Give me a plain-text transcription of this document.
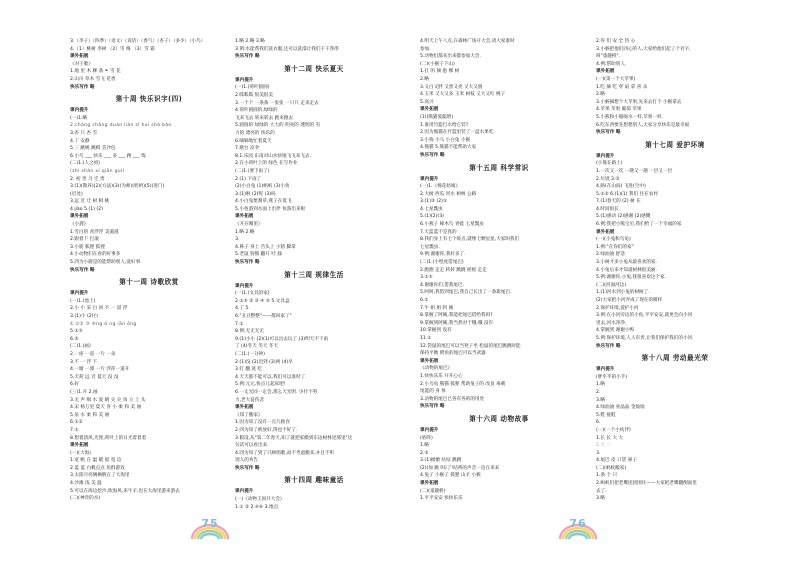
3.（李子）（四季）（语文）（说话）（香气）（杏子）（多少）（小鸟）
4.（1）桃树 李树 （2）雪 梅 （3）雪 霜
课外拓展
《对子歌》
1.地 里 木 柳 条 ⚭ 雪 花
2.山川 草木 雪飞 花香
快乐写作 略
第十周 快乐识字(四)
课内提升
(一)1.略
2.cháng chǎng duàn liàn zǐ huì shà bǎo
3.杏 只 杏 雪
4.丁 安静
5.三 跳绳 跳棋 丢沙包
6.小鸟 ___ 快乐 ___ 多 ___ 跑 ___ 练
(二)1.(人之初)
(zhì shàn xí qiān guì)
2. 初 善 习 迁 贵
3.(1)(教养)(2)(方法)(3)(为师)(奶奶)(5)(进门)
(近处)
3.远 近 迁 树 相 桃
4.jiào 5.(1) (2)
课外拓展
《小鹿》
1.雪白的 青浮浮 美滋滋
2.跟着下 打滚
3.小鹿 狐狸 狐狸
4.小动物们在看的好事多
5.四为小鹿是的能帮助别人,爱好事.
快乐写作 略
第十一周 诗歌欣赏
课内提升
(一)1.(池上)
2.小 小 采 白 回 不 一 道 浮
3.(1)小 (2)白
4.①② ③ ④ng ó ng iān ōng
5.①③
6.②
(二)1.(画)
2.一座 一道 一片 一朵
3.不 一 浮 下
4.一塘 一潭 一片 浮萍一道开
5.天荷 远 近 夏天 没 没
6.好
(三)1.开 2.画
3.无 声 细 水 爱 晴 尖 尖 角 立 上 头
4.宋 杨万里 夏天 喜 小 柔 和 美 丽
5.泉 水 柔 和 美 丽
6.①②
7.①
8.想着清风,光照,荷叶上的日光着着着
课外拓展
(一)(大海)
1.宽 帆 在 温 暖 船 宽 边
2.蓝 蓝 白帆点点 鱼群游戏
3.太阳月亮俩俩帆在了大海里
4.沙滩 浅 美 温
5.可以在海边挖沙,吹海风,来牛羊,也在大海里游来游去
(二)(神奇的水)
1.略 2.略 3.略
3.例:水能帮我们洗衣服,还可以洗澡让我们干干净净
快乐写作 略
第十二周 快乐夏天
课内提升
(一)1.(荷叶圆圆)
2.呱呱呱 很美很美
3.一个个 一条条 一张张 一只只 走来走去
4.荷叶圆圆的,绿绿的
飞来飞去 转来转去 跑来跑去
5.圆圆的 绿绿的 大大的 明亮的 透明的 有
力的 漂亮的 快乐的
6.嘀嘀地忙着夏天
7.歌台 凉伞
8.1.乐园 东南对山水快地飞飞来飞去.
2.在小荷叶上的 绿色 在写作业
(二)1.(要下雨了)
2.(1) 下雨了
(2)小白兔 (1)蚂蚁 (3)小鱼
3.(1)啦 (2)呢 (3)吗
4.小白兔要割草,燕子在低飞.
5.小鱼游到水面上出伴 鱼游出来啦
课外拓展
《开在哪里》
1.略 2.略
3.
4.鼻子 身上 舌头上 小猪 脚掌
5.老鼠 狗熊 翻开 吐 舔
快乐写作 略
第十三周 规律生活
课内提升
(一)1.(文具的家)
2.①⑤ ② ③ ④ ⑤ 5.文具盒
4.丁 5.
6."丑丑整整"——都回家了"
7.①
8.例:无无无无
9.(1)小小 (2)(1)可以出去玩了 (3)明天不下雨
了 (4)冬天 冬天 冬天
(二)1.(一分钟)
2.(1)没 (2)迟到 (3)两 (4)早
3.打 翻 洗 吃
4.天天都不能可以,我们可以准时了.
5.例:元元,快点儿起床吧!
6.一丈光同一定会,那么天光明. 少壮不努
力,老大徒伤悲
课外拓展
《知了搬家》
1.因为知了没有一点儿粮食
2.四为知了被放好,得也不好了.
3.假设,从"第二年春天,知了就把家搬到东边树林里那里"这
句话可以看出来.
4.四为知了到了只顾唱歌,而不考虑搬来,并且不听
别人的劝告.
快乐写作 略
第十四周 趣味童话
课内提升
(一)《动物王国开大会》
1.① ② 2.④⑥ 3.地点
4.明天上午八点,在森林广场开大会,请大家准时
参加.
5.动物们都来出来都参加大会.
(二)(小猴子下山)
1.扛 的 摘 抱 棵 树
2.略
3.又白又胖 又黑又亮 又大又圆
4.玉米 又大又多 玉米 树枝 又大又红 桃子
5.高兴
课外拓展
(1)(熊猫爱聪明)
1.谁用竹篮打水给它装?
2.因为熊猫在竹篮里装了一盘水果吃.
3.小狗 小马 小白兔 小猴
4.熊猫 5.熊猫不能帮助大家
快乐写作 略
第十五周 科学常识
课内提升
(一)1.《棉花姑娘》
2.大树 西瓜 河水 树林 公路
3.(1)③ (2)①
4.七星瓢虫
5.(1)(2)(3)
6.小燕子 啄木鸟 青蛙 七星瓢虫
7.天蓝蓝不是真的
8.我们身上有七个斑点,就像七颗星星,大家叫我们
七星瓢虫.
9.例:谢谢你,我好多了.
(二)1.(小壁虎借尾巴)
2.跑跑 走走 转转 跳跳 摇摇 走走
3.①⑤
4.谢谢你们,借我尾巴.
5.呵呵,我借到尾巴,我自己长出了一条新尾巴.
6.①
7.牛 姐 姐 阿 姨
8.掌握了阿姨,我能把尾巴借给我吗?
9.掌握到阿姨,我当然对于哦,哦 没有
10.掌握到 没有
11.①
12.袋鼠的尾巴可以当凳子坐 松鼠的尾巴跳跳时能
保持平衡 鳄鱼的尾巴可以当武器
课外拓展
《动物的尾巴》
1.快快乐乐 开开心心
2.小乌龟 熊猫 狐狸 帮助兔子的 改良 毒刺
尾能的 身 体
3.动物的尾巴已各有各的的用处
快乐写作 略
第十六周 动物故事
课内提升
(咕咚)
1.略
2.②
3.(1)掀掀 咕咕 跳跳
(2)(加 跳 叫)了!咕咚的声音一直在来来
4.兔子 小猴子 狐狸 山羊 小猴
课外拓展
(二)(童趣桥)
1.平平安安 快快乐乐
2.你 们 安 全 热 心
3.小猴把他们四心的人,大家给他们起了个名字,
叫"童趣桥".
4.例:帮助别人.
课外拓展
(一)(第一个大苹果)
1.吃 摘 吃 穿 扇 拿 喜 杀
2.略
3.小猴摘想个大苹果,先来去打个 小猴拿去
4.苹果 苹果 葡萄 苹果
5.小熊和小熊喝水一样,苹果一样.
6.吃东西要先想想别人,大家分享快乐是最幸福
快乐写作 略
第十七周 爱护环境
课内提升
(小熊在路上)
1.一次又一次 一趟又一趟 一层又一层
2.垃圾 3.③
4.路(在山间) 飞进(空中)
5.①② 6.(1)(1) 我们 住在农村
7.(1)春天的 (2) 树 在
4.时间很长
5.(1)感动 (2)感谢 (2)感慨
6.例:我把小熊宝贝,我们给了一个幸福的家
课外拓展
(一)(小兔和乌龟)
1.例:"在你们的家"
2.绿油油 舒适
3.小树才多小兔从最喜欢的家.
4.小兔后来才知道树林很美丽.
5.例:谢谢你,小兔,我很喜欢这个家.
(二)(河面河边)
1.(1)河水到小兔的树树了.
(2)大家把小河弄成了现在的模样
2.保护环境,爱护小河
3.例:在小河旁边的小鱼,平平安安,就更会向小河
里去,河水净净.
4.掌握到 谢谢小鸭
5.例:保护环境,人人有责,让我们保护我们的小河.
快乐写作 略
第十八周 劳动最光荣
课内提升
(胖乎乎的小手)
1.略
2.
3.略
4.绿油油 亮晶晶 金灿灿
5.鞋 拖鞋
6.
(一)(一个小伙伴)
1.长 长 大 大
2.大 三
3.
4.尾巴 皮 口袋 鼻子
(二)(蚂蚁搬家)
1.条 个 只
2.蚂蚁们把老鹰团团围住——大家把老鹰翻倒面里
去了.
3.略
75	76
